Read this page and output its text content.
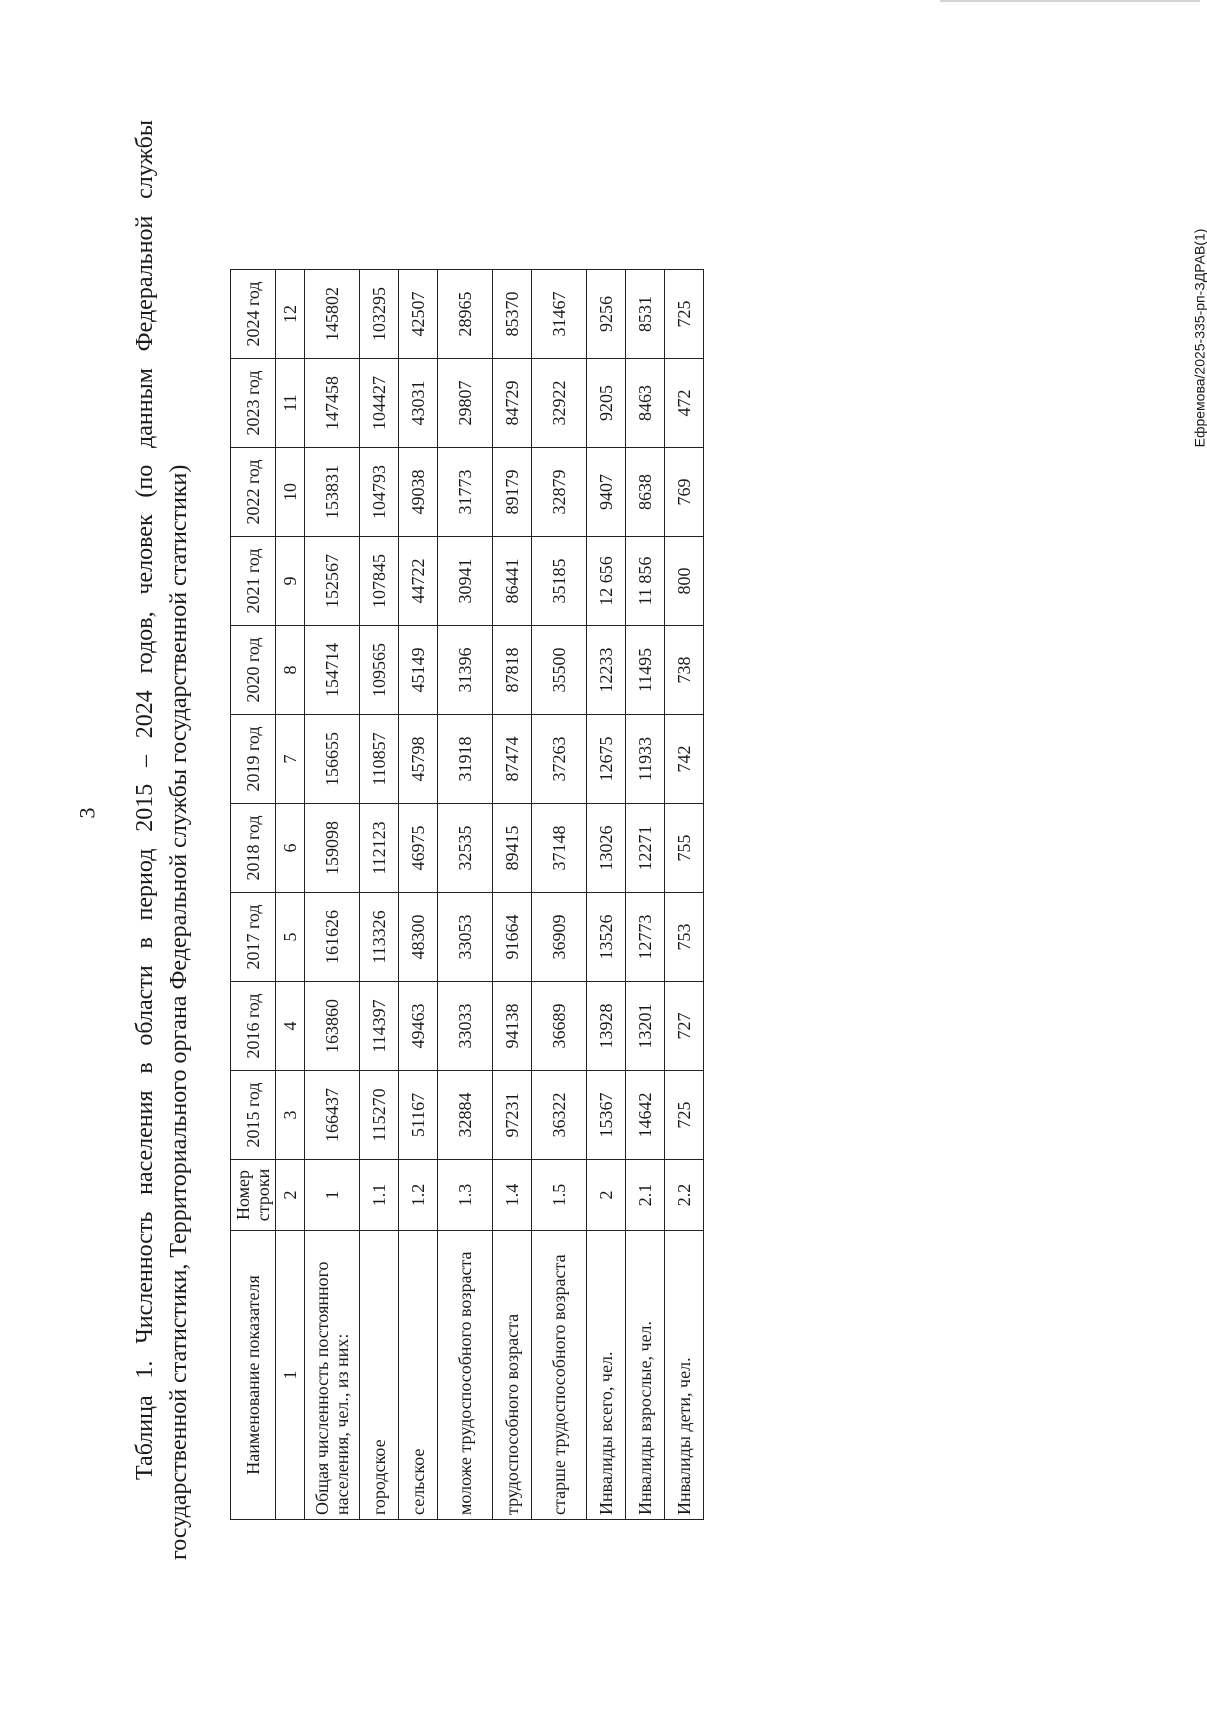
3 Таблица 1. Численность населения в области в период 2015 – 2024 годов, человек (по данным Федеральной службы государственной статистики, Территориального органа Федеральной службы государственной статистики)	Наименование показателя	Номер строки	2015 год	2016 год	2017 год	2018 год	2019 год	2020 год	2021 год	2022 год	2023 год	2024 год
1	2	3	4	5	6	7	8	9	10	11	12
Общая численность постоянного населения, чел., из них:	1	166437	163860	161626	159098	156655	154714	152567	153831	147458	145802
городское	1.1	115270	114397	113326	112123	110857	109565	107845	104793	104427	103295
сельское	1.2	51167	49463	48300	46975	45798	45149	44722	49038	43031	42507
моложе трудоспособного возраста	1.3	32884	33033	33053	32535	31918	31396	30941	31773	29807	28965
трудоспособного возраста	1.4	97231	94138	91664	89415	87474	87818	86441	89179	84729	85370
старше трудоспособного возраста	1.5	36322	36689	36909	37148	37263	35500	35185	32879	32922	31467
Инвалиды всего, чел.	2	15367	13928	13526	13026	12675	12233	12 656	9407	9205	9256
Инвалиды взрослые, чел.	2.1	14642	13201	12773	12271	11933	11495	11 856	8638	8463	8531
Инвалиды дети, чел.	2.2	725	727	753	755	742	738	800	769	472	725	Ефремова/2025-335-рп-ЗДРАВ(1)
